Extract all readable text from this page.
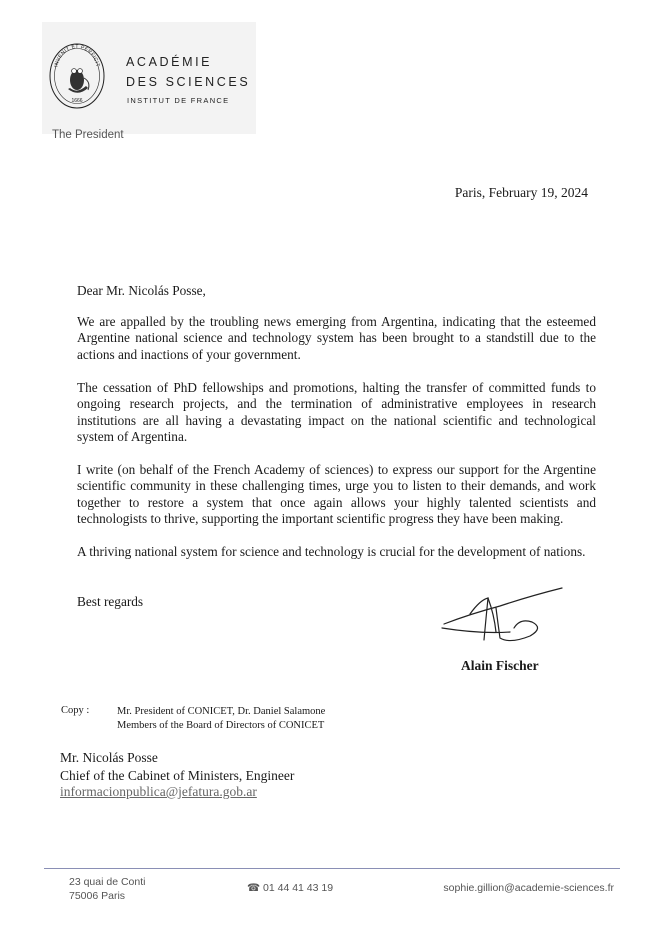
INVENIT ET PERFICIT
1666
ACADÉMIE
DES SCIENCES
INSTITUT DE FRANCE
The President
Paris, February 19, 2024
Dear Mr. Nicolás Posse,
We are appalled by the troubling news emerging from Argentina, indicating that the esteemed Argentine national science and technology system has been brought to a standstill due to the actions and inactions of your government.
The cessation of PhD fellowships and promotions, halting the transfer of committed funds to ongoing research projects, and the termination of administrative employees in research institutions are all having a devastating impact on the national scientific and technological system of Argentina.
I write (on behalf of the French Academy of sciences) to express our support for the Argentine scientific community in these challenging times, urge you to listen to their demands, and work together to restore a system that once again allows your highly talented scientists and technologists to thrive, supporting the important scientific progress they have been making.
A thriving national system for science and technology is crucial for the development of nations.
Best regards
Alain Fischer
Copy :	Mr. President of CONICET, Dr. Daniel Salamone
Members of the Board of Directors of CONICET
Mr. Nicolás Posse
Chief of the Cabinet of Ministers, Engineer
informacionpublica@jefatura.gob.ar
23 quai de Conti
75006 Paris
☎ 01 44 41 43 19	sophie.gillion@academie-sciences.fr
